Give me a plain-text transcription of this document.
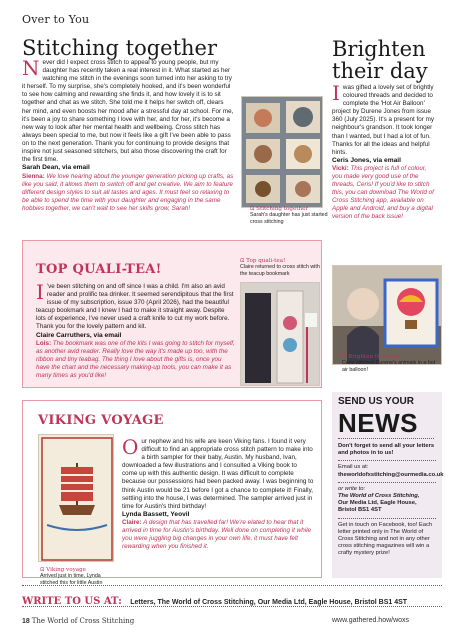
Over to You
Stitching together
Never did I expect cross stitch to appeal to young people, but my daughter has recently taken a real interest in it. What started as her watching me stitch in the evenings soon turned into her asking to try it herself. To my surprise, she's completely hooked, and it's been wonderful to see how calming and rewarding she finds it, and how lovely it is to sit together and chat as we stitch. She told me it helps her switch off, clears her mind, and even boosts her mood after a stressful day at school. For me, it's been a joy to share something I love with her, and for her, it's become a new way to look after her mental health and wellbeing. Cross stitch has always been special to me, but now it feels like a gift I've been able to pass on to the next generation. Thank you for continuing to provide designs that inspire not just seasoned stitchers, but also those discovering the craft for the first time.
Sarah Dean, via email
Sienna: We love hearing about the younger generation picking up crafts, as like you said, it allows them to switch off and get creative. We aim to feature different design styles to suit all tastes and ages. It must feel so relaxing to be able to spend the time with your daughter and engaging in the same hobbies together, we can't wait to see her skills grow, Sarah!	⊡ Stitching together
Sarah's daughter has just started cross stitching
Brighten their day
Iwas gifted a lovely set of brightly coloured threads and decided to complete the 'Hot Air Balloon' project by Durene Jones from issue 360 (July 2025). It's a present for my neighbour's grandson. It took longer than I wanted, but I had a lot of fun. Thanks for all the ideas and helpful hints.
Ceris Jones, via email
Vicki: This project is full of colour, you made very good use of the threads, Ceris! If you'd like to stitch this, you can download The World of Cross Stitching app, available on Apple and Android, and buy a digital version of the back issue!
⊡ Brighten their day
Ceris stitched Durene's animals in a hot air balloon!
TOP QUALI-TEA!
I 've been stitching on and off since I was a child. I'm also an avid reader and prolific tea drinker. It seemed serendipitous that the first issue of my subscription, issue 370 (April 2026), had the beautiful teacup bookmark and I knew I had to make it straight away. Despite lots of experience, I've never used a craft knife to cut my work before. Thank you for the lovely pattern and kit.
Claire Carruthers, via email
Lois: The bookmark was one of the kits I was going to stitch for myself, as another avid reader. Really love the way it's made up too, with the ribbon and tiny teabag. The thing I love about the gifts is, once you have the chart and the necessary making-up tools, you can make it as many times as you'd like!
⊡ Top quali-tea!
Claire returned to cross stitch with the teacup bookmark
VIKING VOYAGE
⊡ Viking voyage
Arrived just in time, Lynda stitched this for little Austin
Our nephew and his wife are keen Viking fans. I found it very difficult to find an appropriate cross stitch pattern to make into a birth sampler for their baby, Austin. My husband, Ivan, downloaded a few illustrations and I consulted a Viking book to come up with this authentic design. It was difficult to complete because our possessions had been packed away. I was beginning to think Austin would be 21 before I got a chance to complete it! Finally, settling into the house, I was determined. The sampler arrived just in time for Austin's third birthday!
Lynda Bassett, Yeovil
Claire: A design that has travelled far! We're elated to hear that it arrived in time for Austin's birthday. Well done on completing it while you were juggling big changes in your own life, it must have felt rewarding when you finished it.
SEND US YOUR
NEWS
Don't forget to send all your letters and photos in to us!
Email us at:
theworldofxstitching@ourmedia.co.uk
or write to:
The World of Cross Stitching,
Our Media Ltd, Eagle House, Bristol BS1 4ST
Get in touch on Facebook, too! Each letter printed only in The World of Cross Stitching and not in any other cross stitching magazines will win a crafty mystery prize!
WRITE TO US AT: Letters, The World of Cross Stitching, Our Media Ltd, Eagle House, Bristol BS1 4ST
18 The World of Cross Stitching	www.gathered.how/woxs
